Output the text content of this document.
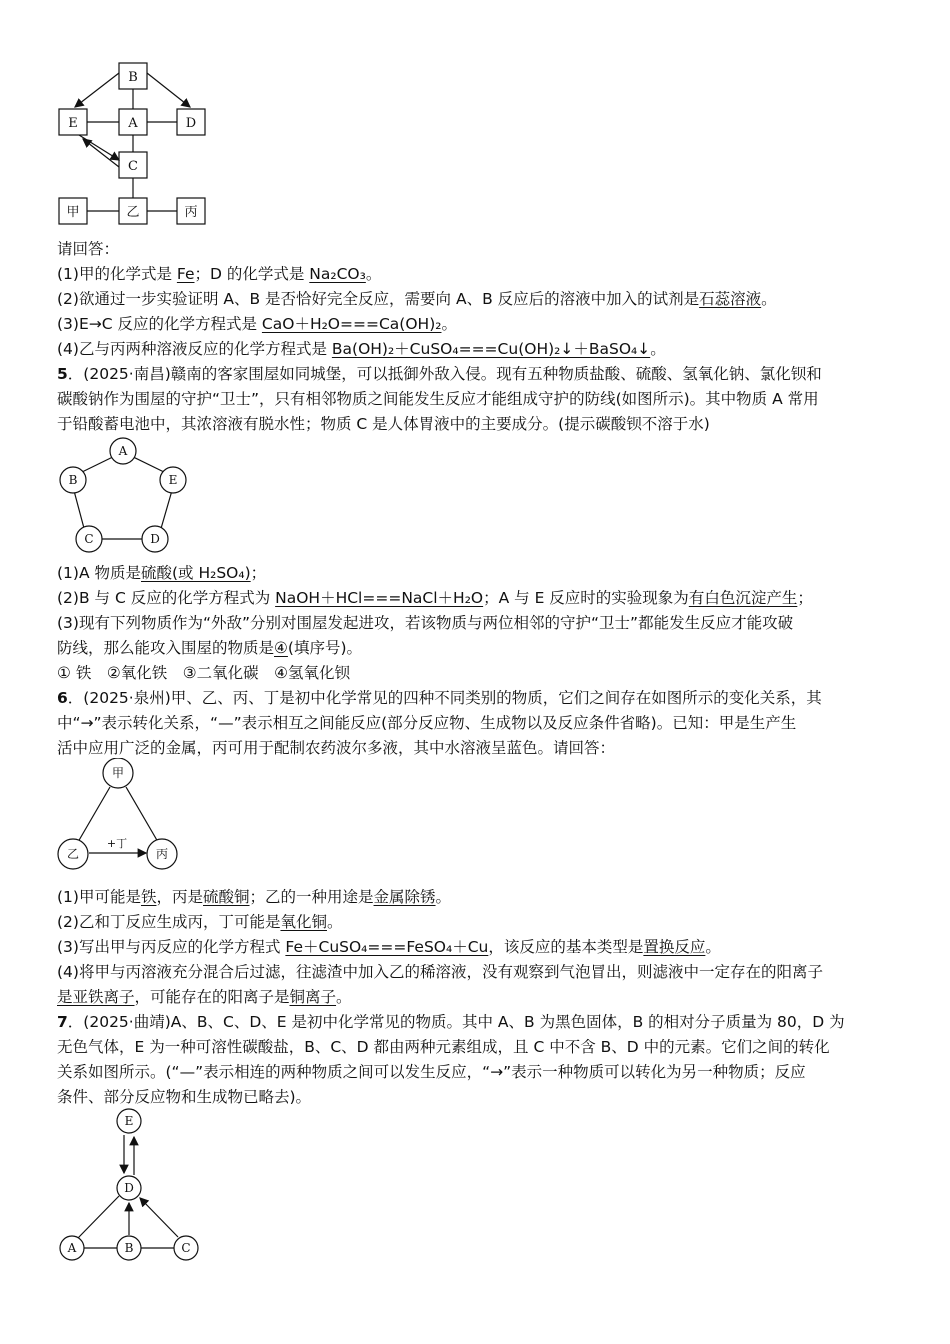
B
E	A	D
C
甲	乙	丙
请回答：
(1)甲的化学式是 Fe；D 的化学式是 Na₂CO₃。
(2)欲通过一步实验证明 A、B 是否恰好完全反应，需要向 A、B 反应后的溶液中加入的试剂是石蕊溶液。
(3)E→C 反应的化学方程式是 CaO＋H₂O===Ca(OH)₂。
(4)乙与丙两种溶液反应的化学方程式是 Ba(OH)₂＋CuSO₄===Cu(OH)₂↓＋BaSO₄↓。
5．(2025·南昌)赣南的客家围屋如同城堡，可以抵御外敌入侵。现有五种物质盐酸、硫酸、氢氧化钠、氯化钡和
碳酸钠作为围屋的守护“卫士”，只有相邻物质之间能发生反应才能组成守护的防线(如图所示)。其中物质 A 常用
于铅酸蓄电池中，其浓溶液有脱水性；物质 C 是人体胃液中的主要成分。(提示碳酸钡不溶于水)
A
B	E
C	D
(1)A 物质是硫酸(或 H₂SO₄)；
(2)B 与 C 反应的化学方程式为 NaOH＋HCl===NaCl＋H₂O；A 与 E 反应时的实验现象为有白色沉淀产生；
(3)现有下列物质作为“外敌”分别对围屋发起进攻，若该物质与两位相邻的守护“卫士”都能发生反应才能攻破
防线，那么能攻入围屋的物质是④(填序号)。
① 铁　②氧化铁　③二氧化碳　④氢氧化钡
6．(2025·泉州)甲、乙、丙、丁是初中化学常见的四种不同类别的物质，它们之间存在如图所示的变化关系，其
中“→”表示转化关系，“—”表示相互之间能反应(部分反应物、生成物以及反应条件省略)。已知：甲是生产生
活中应用广泛的金属，丙可用于配制农药波尔多液，其中水溶液呈蓝色。请回答：
甲
乙	丙
+丁
(1)甲可能是铁，丙是硫酸铜；乙的一种用途是金属除锈。
(2)乙和丁反应生成丙，丁可能是氧化铜。
(3)写出甲与丙反应的化学方程式 Fe＋CuSO₄===FeSO₄＋Cu，该反应的基本类型是置换反应。
(4)将甲与丙溶液充分混合后过滤，往滤渣中加入乙的稀溶液，没有观察到气泡冒出，则滤液中一定存在的阳离子
是亚铁离子，可能存在的阳离子是铜离子。
7．(2025·曲靖)A、B、C、D、E 是初中化学常见的物质。其中 A、B 为黑色固体，B 的相对分子质量为 80，D 为
无色气体，E 为一种可溶性碳酸盐，B、C、D 都由两种元素组成，且 C 中不含 B、D 中的元素。它们之间的转化
关系如图所示。(“—”表示相连的两种物质之间可以发生反应，“→”表示一种物质可以转化为另一种物质；反应
条件、部分反应物和生成物已略去)。
E
D
A	B	C
